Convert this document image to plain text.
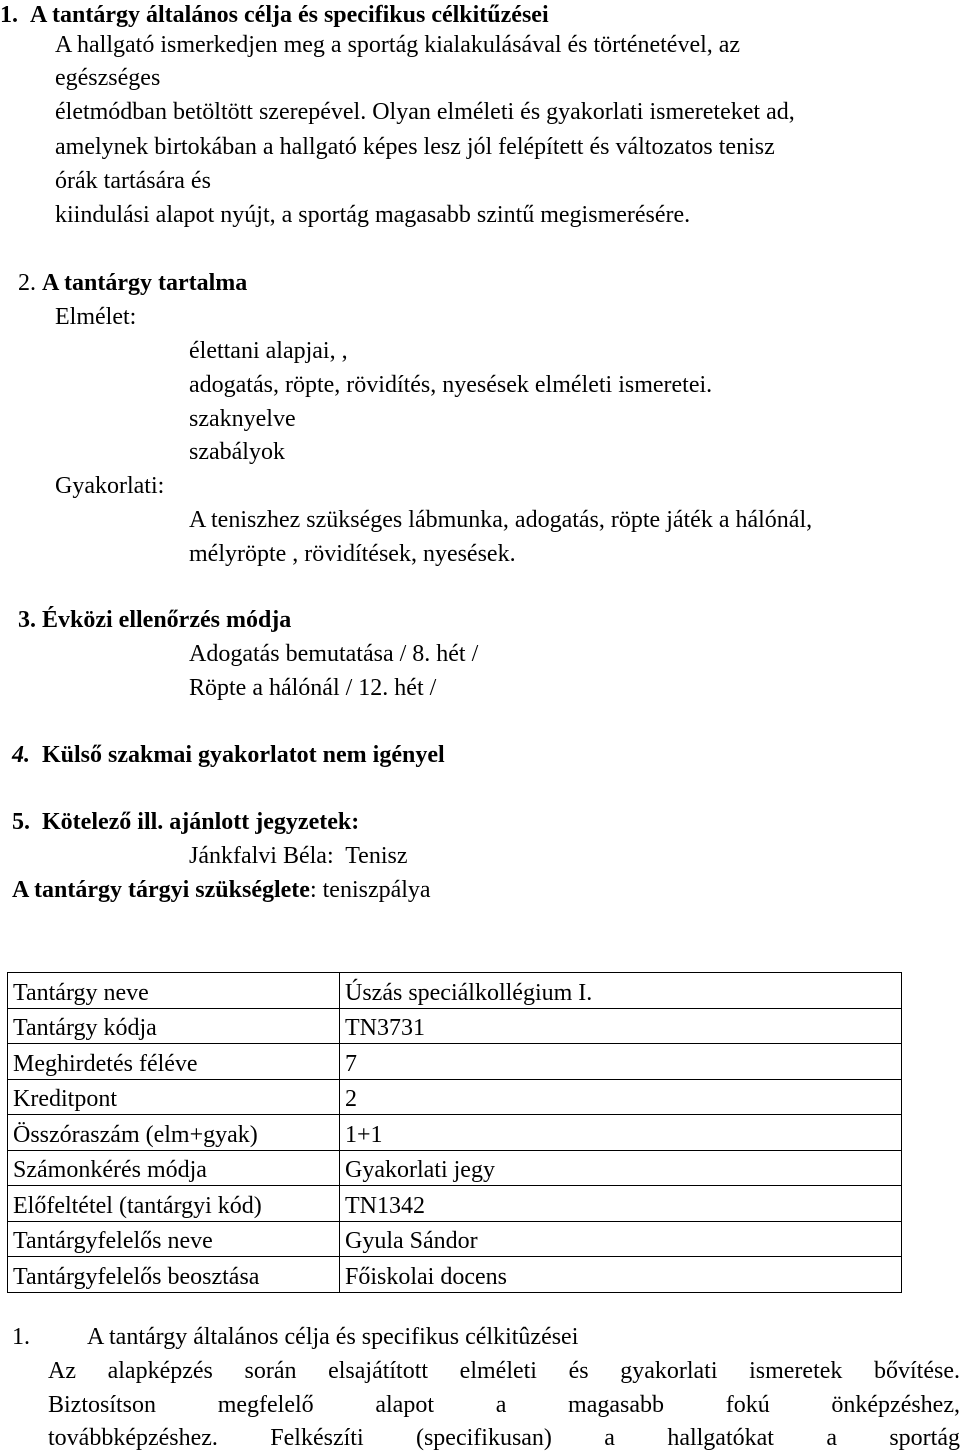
1. A tantárgy általános célja és specifikus célkitűzései
A hallgató ismerkedjen meg a sportág kialakulásával és történetével, az
egészséges
életmódban betöltött szerepével. Olyan elméleti és gyakorlati ismereteket ad,
amelynek birtokában a hallgató képes lesz jól felépített és változatos tenisz
órák tartására és
kiindulási alapot nyújt, a sportág magasabb szintű megismerésére.
2. A tantárgy tartalma
Elmélet:
élettani alapjai, ,
adogatás, röpte, rövidítés, nyesések elméleti ismeretei.
szaknyelve
szabályok
Gyakorlati:
A teniszhez szükséges lábmunka, adogatás, röpte játék a hálónál,
mélyröpte , rövidítések, nyesések.
3. Évközi ellenőrzés módja
Adogatás bemutatása / 8. hét /
Röpte a hálónál / 12. hét /
4. Külső szakmai gyakorlatot nem igényel
5. Kötelező ill. ajánlott jegyzetek:
Jánkfalvi Béla:  Tenisz
A tantárgy tárgyi szükséglete: teniszpálya
Tantárgy neve	Úszás speciálkollégium I.
Tantárgy kódja	TN3731
Meghirdetés féléve	7
Kreditpont	2
Összóraszám (elm+gyak)	1+1
Számonkérés módja	Gyakorlati jegy
Előfeltétel (tantárgyi kód)	TN1342
Tantárgyfelelős neve	Gyula Sándor
Tantárgyfelelős beosztása	Főiskolai docens
1. A tantárgy általános célja és specifikus célkitûzései
Az alapképzés során elsajátított elméleti és gyakorlati ismeretek bővítése.
Biztosítson megfelelő alapot a magasabb fokú önképzéshez,
továbbképzéshez. Felkészíti (specifikusan) a hallgatókat a sportág
